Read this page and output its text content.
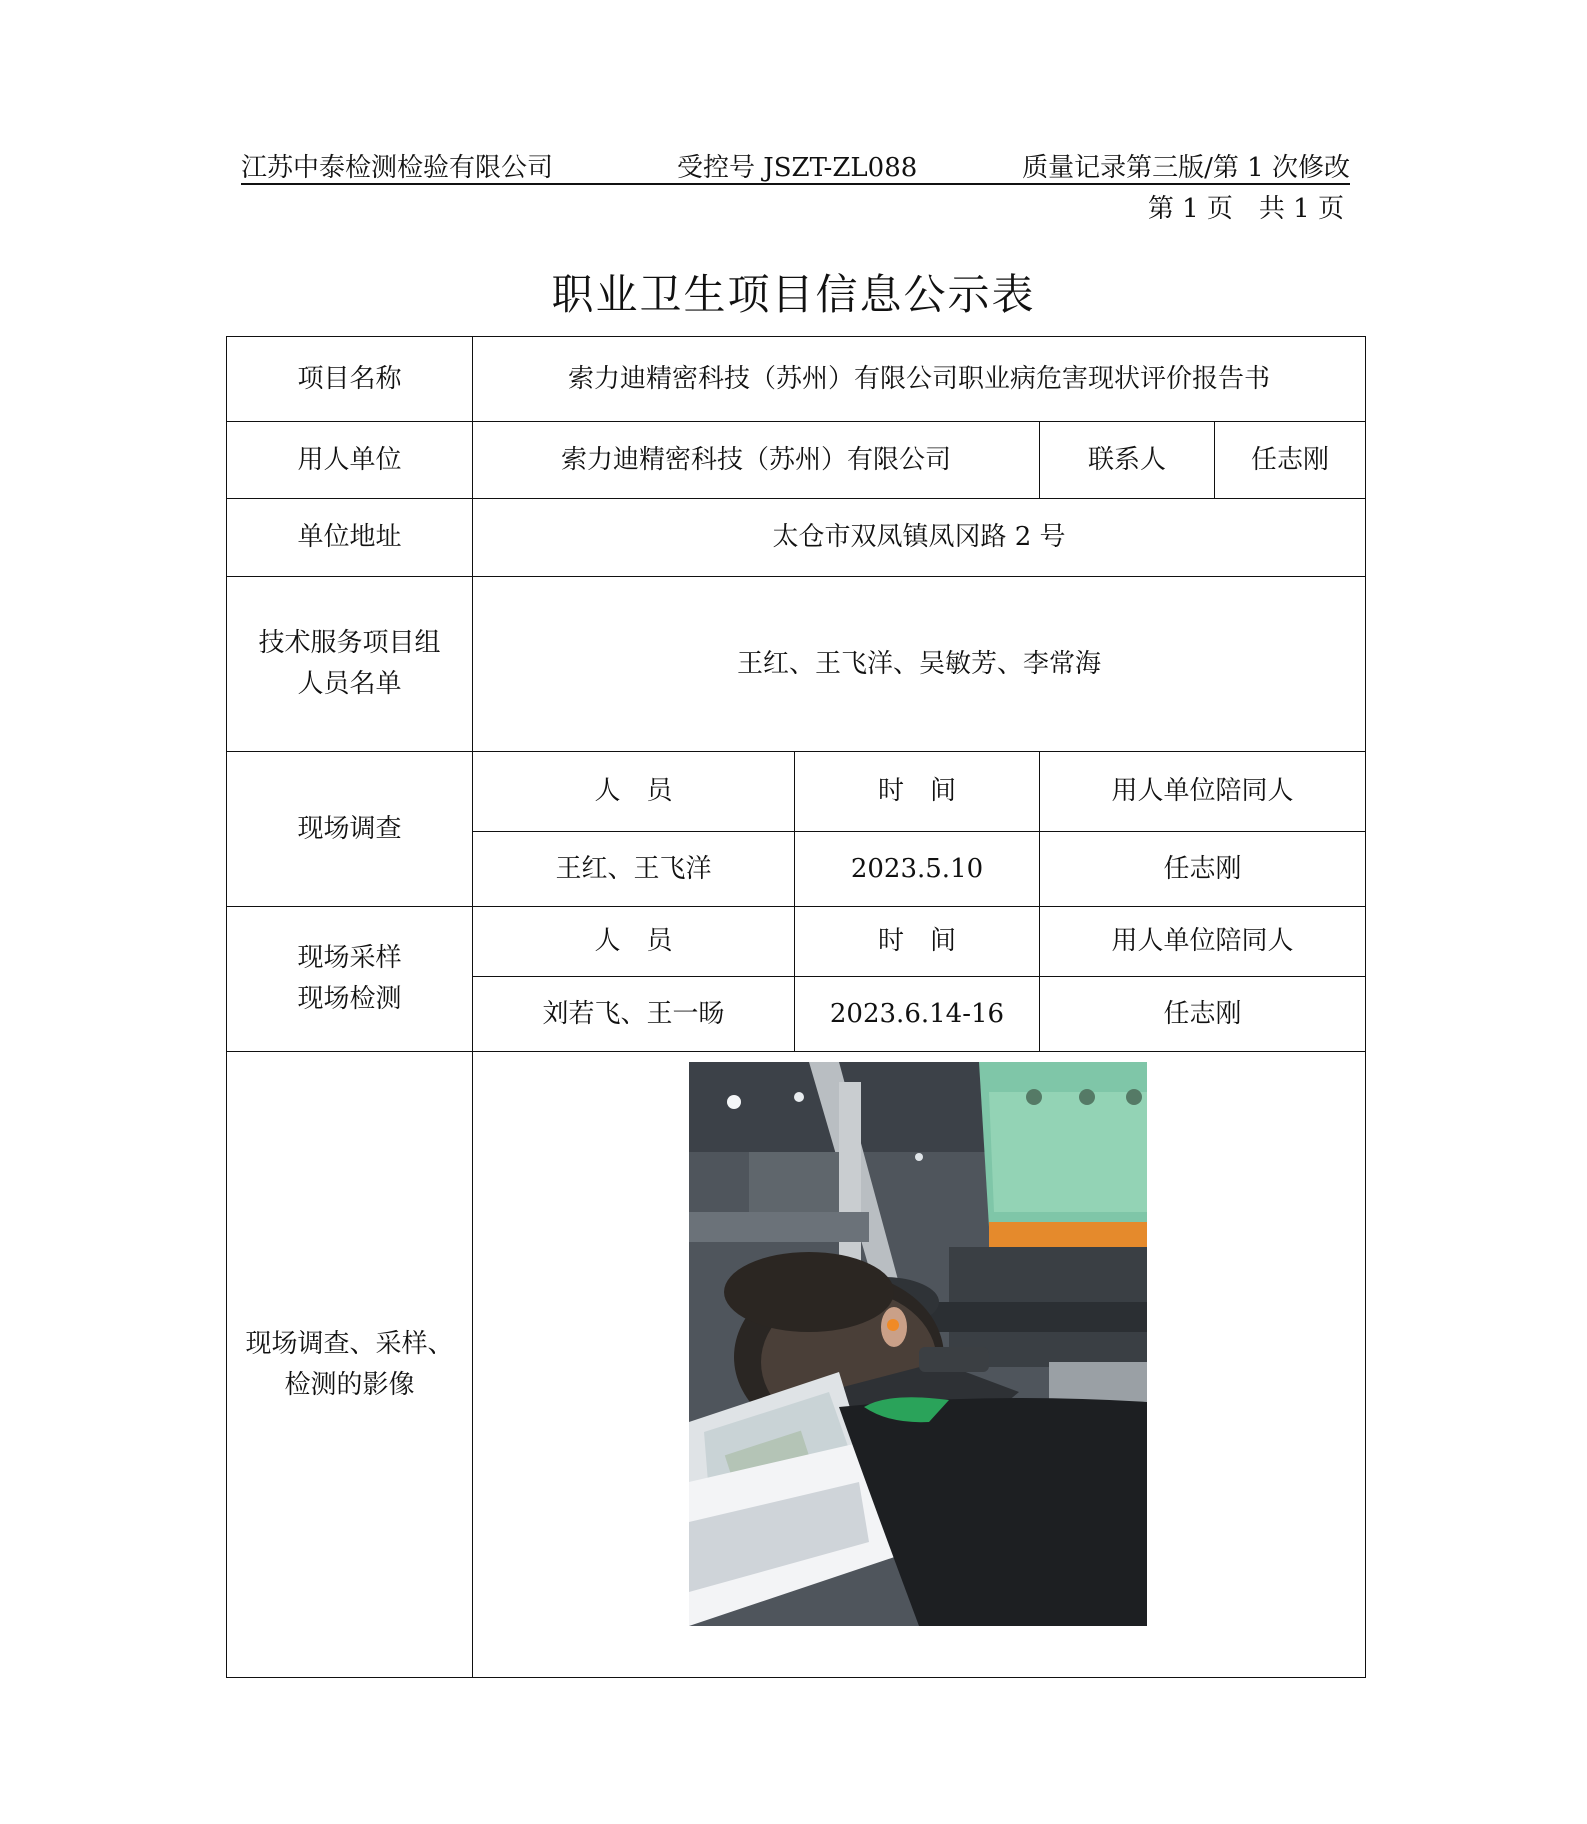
江苏中泰检测检验有限公司	受控号 JSZT-ZL088	质量记录第三版/第 1 次修改
第 1 页　共 1 页
职业卫生项目信息公示表
项目名称	索力迪精密科技（苏州）有限公司职业病危害现状评价报告书			
用人单位	索力迪精密科技（苏州）有限公司		联系人	任志刚
单位地址	太仓市双凤镇凤冈路 2 号			

技术服务项目组
人员名单	王红、王飞洋、吴敏芳、李常海			
现场调查	人　员	时　间	用人单位陪同人	
	王红、王飞洋	2023.5.10	任志刚	

现场采样
现场检测	人　员	时　间	用人单位陪同人	
	刘若飞、王一旸	2023.6.14-16	任志刚	

现场调查、采样、
检测的影像
